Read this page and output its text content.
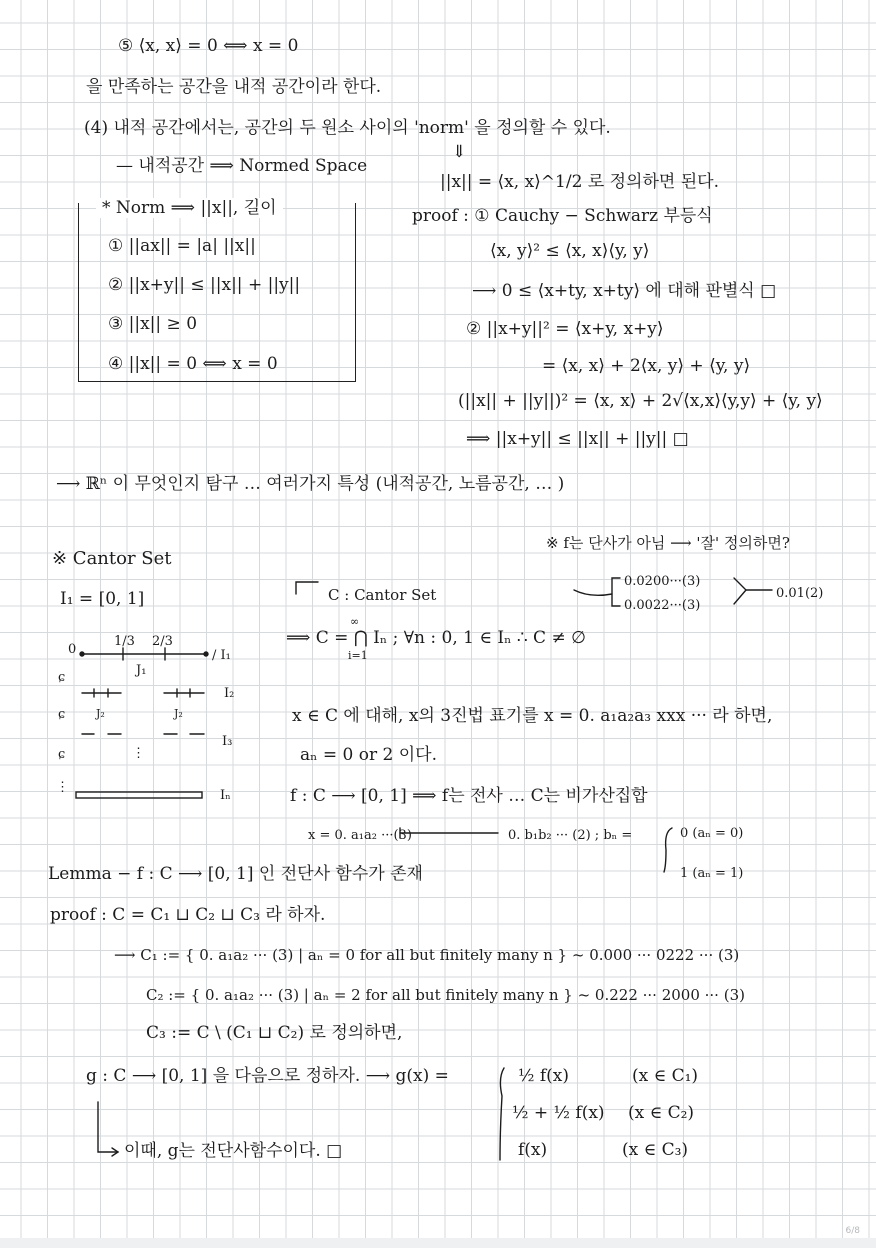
⑤ ⟨x, x⟩ = 0 ⟺ x = 0
을 만족하는 공간을 내적 공간이라 한다.
(4) 내적 공간에서는, 공간의 두 원소 사이의 'norm' 을 정의할 수 있다.
⇓
— 내적공간 ⟹ Normed Space
||x|| = ⟨x, x⟩^1/2 로 정의하면 된다.
* Norm ⟹ ||x||, 길이
① ||ax|| = |a| ||x||
② ||x+y|| ≤ ||x|| + ||y||
③ ||x|| ≥ 0
④ ||x|| = 0 ⟺ x = 0
proof : ① Cauchy − Schwarz 부등식
⟨x, y⟩² ≤ ⟨x, x⟩⟨y, y⟩
⟶ 0 ≤ ⟨x+ty, x+ty⟩ 에 대해 판별식 □
② ||x+y||² = ⟨x+y, x+y⟩
= ⟨x, x⟩ + 2⟨x, y⟩ + ⟨y, y⟩
(||x|| + ||y||)² = ⟨x, x⟩ + 2√⟨x,x⟩⟨y,y⟩ + ⟨y, y⟩
⟹ ||x+y|| ≤ ||x|| + ||y|| □
⟶ ℝⁿ 이 무엇인지 탐구 … 여러가지 특성 (내적공간, 노름공간, … )
※ Cantor Set
※ f는 단사가 아님 ⟶ '잘' 정의하면?
I₁ = [0, 1]
0.0200···(3)
0.0022···(3)
0.01(2)
C : Cantor Set
∞
⟹ C = ⋂ Iₙ ; ∀n : 0, 1 ∈ Iₙ ∴ C ≠ ∅
i=1
x ∈ C 에 대해, x의 3진법 표기를 x = 0. a₁a₂a₃ xxx ··· 라 하면,
aₙ = 0 or 2 이다.
f : C ⟶ [0, 1] ⟹ f는 전사 … C는 비가산집합
x = 0. a₁a₂ ···(3)	0. b₁b₂ ··· (2) ; bₙ =	0 (aₙ = 0)
1 (aₙ = 1)
Lemma − f : C ⟶ [0, 1] 인 전단사 함수가 존재
proof : C = C₁ ⊔ C₂ ⊔ C₃ 라 하자.
⟶ C₁ := { 0. a₁a₂ ··· (3) | aₙ = 0 for all but finitely many n } ~ 0.000 ··· 0222 ··· (3)
C₂ := { 0. a₁a₂ ··· (3) | aₙ = 2 for all but finitely many n } ~ 0.222 ··· 2000 ··· (3)
C₃ := C \ (C₁ ⊔ C₂) 로 정의하면,
g : C ⟶ [0, 1] 을 다음으로 정하자. ⟶ g(x) =	½ f(x)	(x ∈ C₁)
½ + ½ f(x) (x ∈ C₂)
f(x)	(x ∈ C₃)
이때, g는 전단사함수이다. □
0
1/3 2/3
/ I₁
J₁
I₂
J₂	J₂
I₃
⋮
⋮
Iₙ
ɕ
ɕ
ɕ
6/8
